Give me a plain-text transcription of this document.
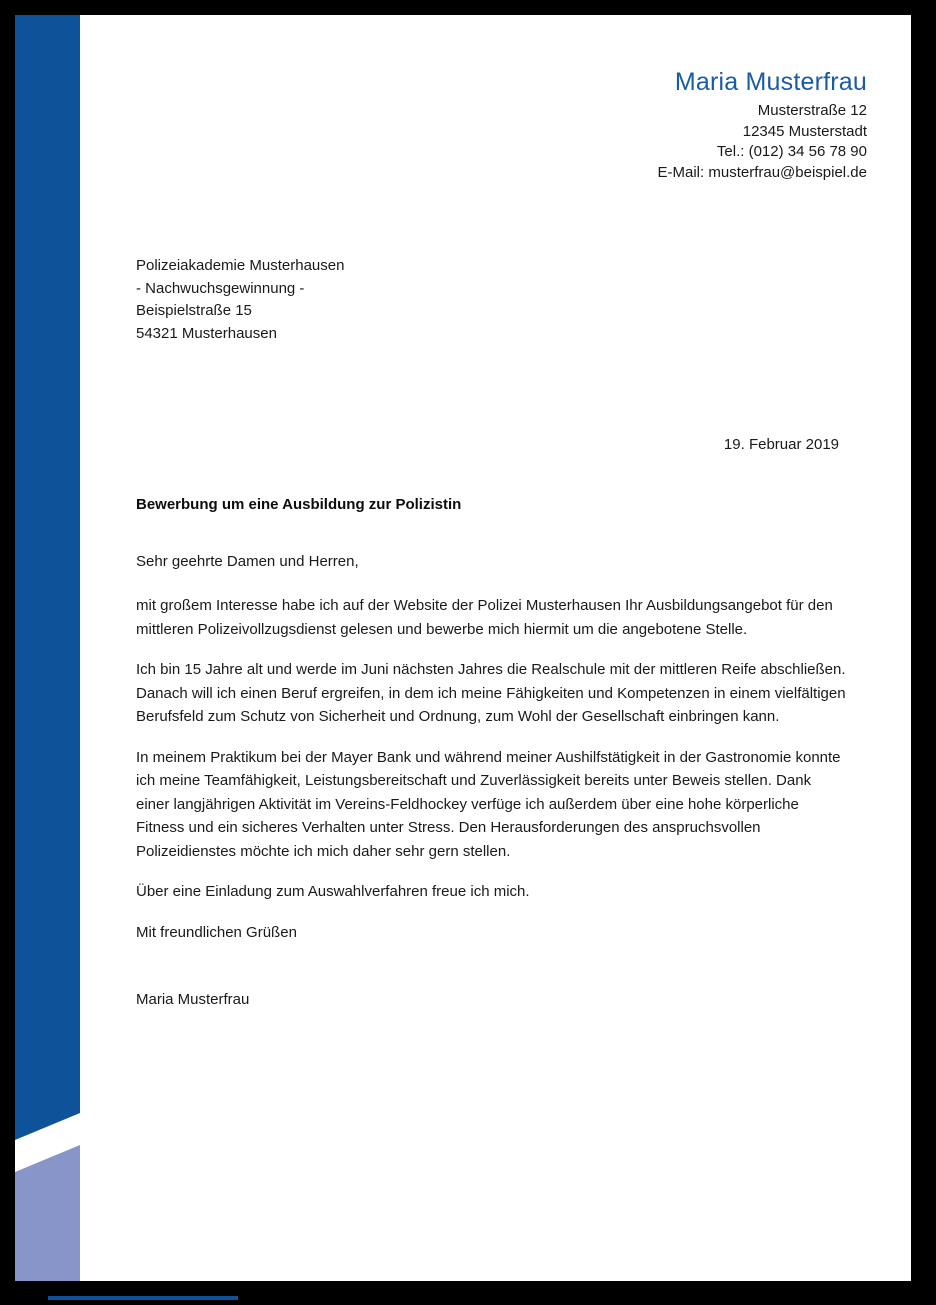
Maria Musterfrau
Musterstraße 12
12345 Musterstadt
Tel.: (012) 34 56 78 90
E-Mail: musterfrau@beispiel.de
Polizeiakademie Musterhausen
- Nachwuchsgewinnung -
Beispielstraße 15
54321 Musterhausen
19. Februar 2019
Bewerbung um eine Ausbildung zur Polizistin

Sehr geehrte Damen und Herren,

mit großem Interesse habe ich auf der Website der Polizei Musterhausen Ihr Ausbildungsangebot für den mittleren Polizeivollzugsdienst gelesen und bewerbe mich hiermit um die angebotene Stelle.

Ich bin 15 Jahre alt und werde im Juni nächsten Jahres die Realschule mit der mittleren Reife abschließen. Danach will ich einen Beruf ergreifen, in dem ich meine Fähigkeiten und Kompetenzen in einem vielfältigen Berufsfeld zum Schutz von Sicherheit und Ordnung, zum Wohl der Gesellschaft einbringen kann.

In meinem Praktikum bei der Mayer Bank und während meiner Aushilfstätigkeit in der Gastronomie konnte ich meine Teamfähigkeit, Leistungsbereitschaft und Zuverlässigkeit bereits unter Beweis stellen. Dank einer langjährigen Aktivität im Vereins-Feldhockey verfüge ich außerdem über eine hohe körperliche Fitness und ein sicheres Verhalten unter Stress. Den Herausforderungen des anspruchsvollen Polizeidienstes möchte ich mich daher sehr gern stellen.

Über eine Einladung zum Auswahlverfahren freue ich mich.

Mit freundlichen Grüßen

Maria Musterfrau
